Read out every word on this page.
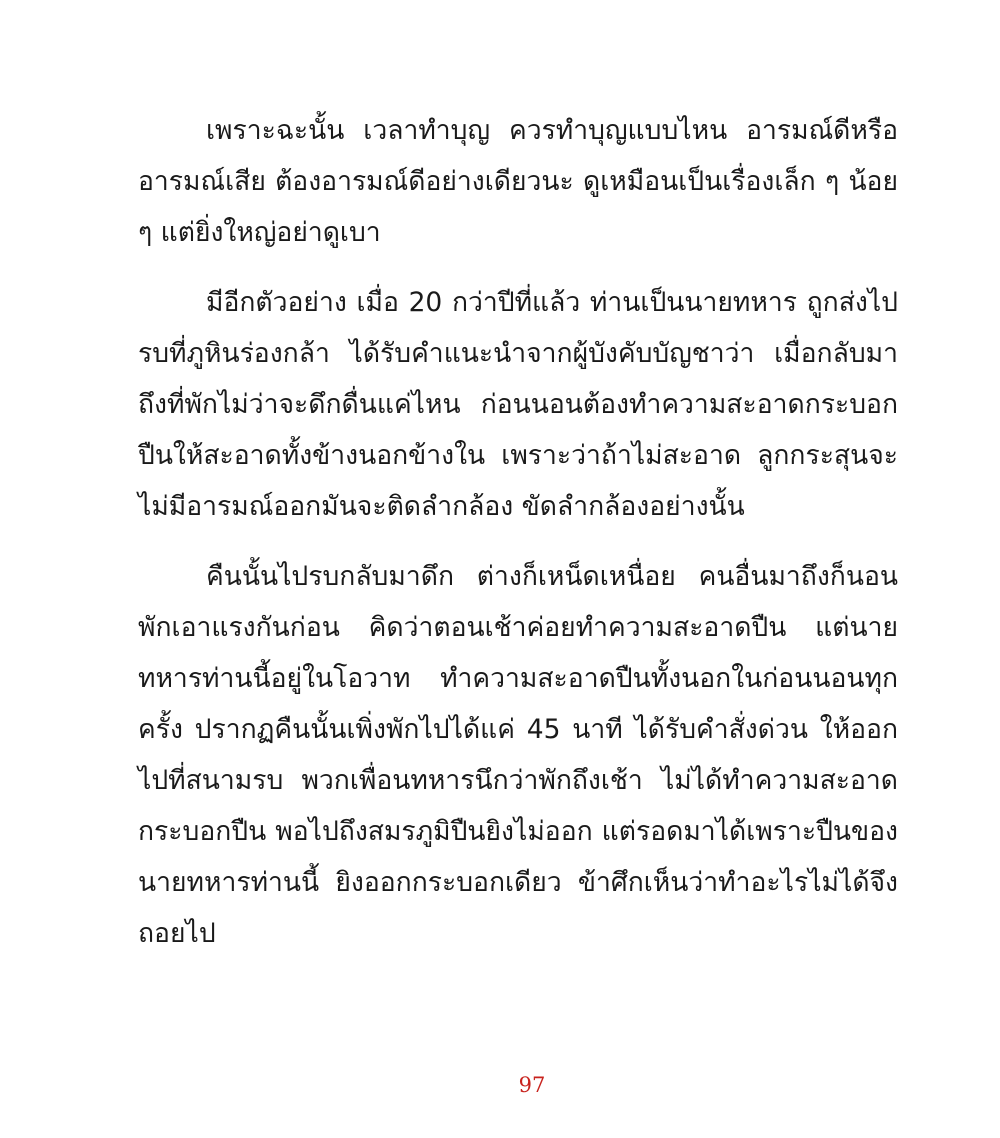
เพราะฉะนั้น เวลาทำบุญ ควรทำบุญแบบไหน อารมณ์ดีหรืออารมณ์เสีย ต้องอารมณ์ดีอย่างเดียวนะ ดูเหมือนเป็นเรื่องเล็ก ๆ น้อย ๆ แต่ยิ่งใหญ่อย่าดูเบา

มีอีกตัวอย่าง เมื่อ 20 กว่าปีที่แล้ว ท่านเป็นนายทหาร ถูกส่งไปรบที่ภูหินร่องกล้า ได้รับคำแนะนำจากผู้บังคับบัญชาว่า เมื่อกลับมาถึงที่พักไม่ว่าจะดึกดื่นแค่ไหน ก่อนนอนต้องทำความสะอาดกระบอกปืนให้สะอาดทั้งข้างนอกข้างใน เพราะว่าถ้าไม่สะอาด ลูกกระสุนจะไม่มีอารมณ์ออกมันจะติดลำกล้อง ขัดลำกล้องอย่างนั้น

คืนนั้นไปรบกลับมาดึก ต่างก็เหน็ดเหนื่อย คนอื่นมาถึงก็นอนพักเอาแรงกันก่อน คิดว่าตอนเช้าค่อยทำความสะอาดปืน แต่นายทหารท่านนี้อยู่ในโอวาท ทำความสะอาดปืนทั้งนอกในก่อนนอนทุกครั้ง ปรากฏคืนนั้นเพิ่งพักไปได้แค่ 45 นาที ได้รับคำสั่งด่วน ให้ออกไปที่สนามรบ พวกเพื่อนทหารนึกว่าพักถึงเช้า ไม่ได้ทำความสะอาดกระบอกปืน พอไปถึงสมรภูมิปืนยิงไม่ออก แต่รอดมาได้เพราะปืนของนายทหารท่านนี้ ยิงออกกระบอกเดียว ข้าศึกเห็นว่าทำอะไรไม่ได้จึงถอยไป

97
